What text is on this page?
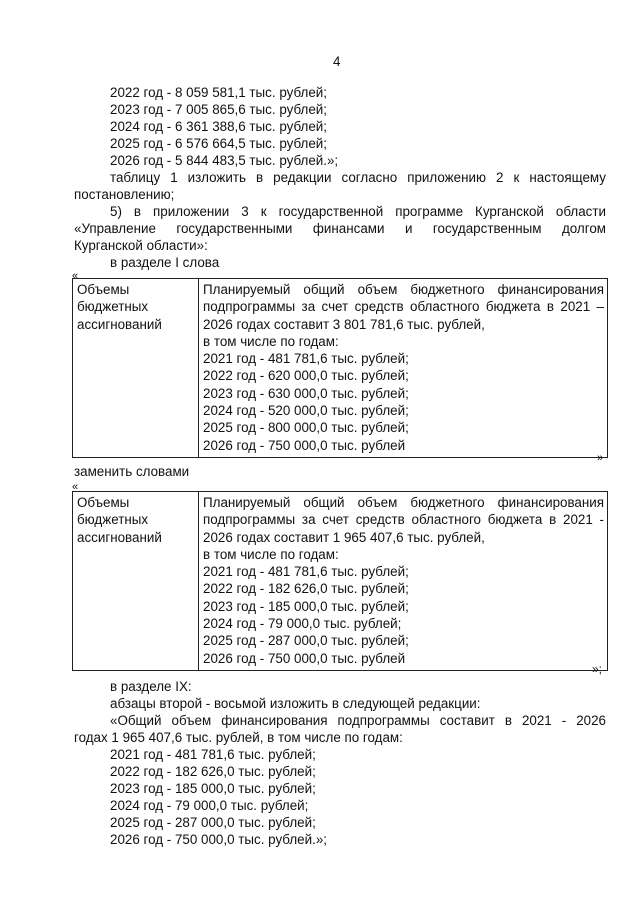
4
2022 год - 8 059 581,1 тыс. рублей;
2023 год - 7 005 865,6 тыс. рублей;
2024 год - 6 361 388,6 тыс. рублей;
2025 год - 6 576 664,5 тыс. рублей;
2026 год - 5 844 483,5 тыс. рублей.»;
таблицу 1 изложить в редакции согласно приложению 2 к настоящему
постановлению;
5) в приложении 3 к государственной программе Курганской области
«Управление государственными финансами и государственным долгом
Курганской области»:
в разделе I слова
«
Объемы
бюджетных
ассигнований

Планируемый общий объем бюджетного финансирования
подпрограммы за счет средств областного бюджета в 2021 –
2026 годах составит 3 801 781,6 тыс. рублей,
в том числе по годам:
2021 год - 481 781,6 тыс. рублей;
2022 год - 620 000,0 тыс. рублей;
2023 год - 630 000,0 тыс. рублей;
2024 год - 520 000,0 тыс. рублей;
2025 год - 800 000,0 тыс. рублей;
2026 год - 750 000,0 тыс. рублей
»
заменить словами
«
Объемы
бюджетных
ассигнований

Планируемый общий объем бюджетного финансирования
подпрограммы за счет средств областного бюджета в 2021 -
2026 годах составит 1 965 407,6 тыс. рублей,
в том числе по годам:
2021 год - 481 781,6 тыс. рублей;
2022 год - 182 626,0 тыс. рублей;
2023 год - 185 000,0 тыс. рублей;
2024 год - 79 000,0 тыс. рублей;
2025 год - 287 000,0 тыс. рублей;
2026 год - 750 000,0 тыс. рублей
»;
в разделе IX:
абзацы второй - восьмой изложить в следующей редакции:
«Общий объем финансирования подпрограммы составит в 2021 - 2026
годах 1 965 407,6 тыс. рублей, в том числе по годам:
2021 год - 481 781,6 тыс. рублей;
2022 год - 182 626,0 тыс. рублей;
2023 год - 185 000,0 тыс. рублей;
2024 год - 79 000,0 тыс. рублей;
2025 год - 287 000,0 тыс. рублей;
2026 год - 750 000,0 тыс. рублей.»;
